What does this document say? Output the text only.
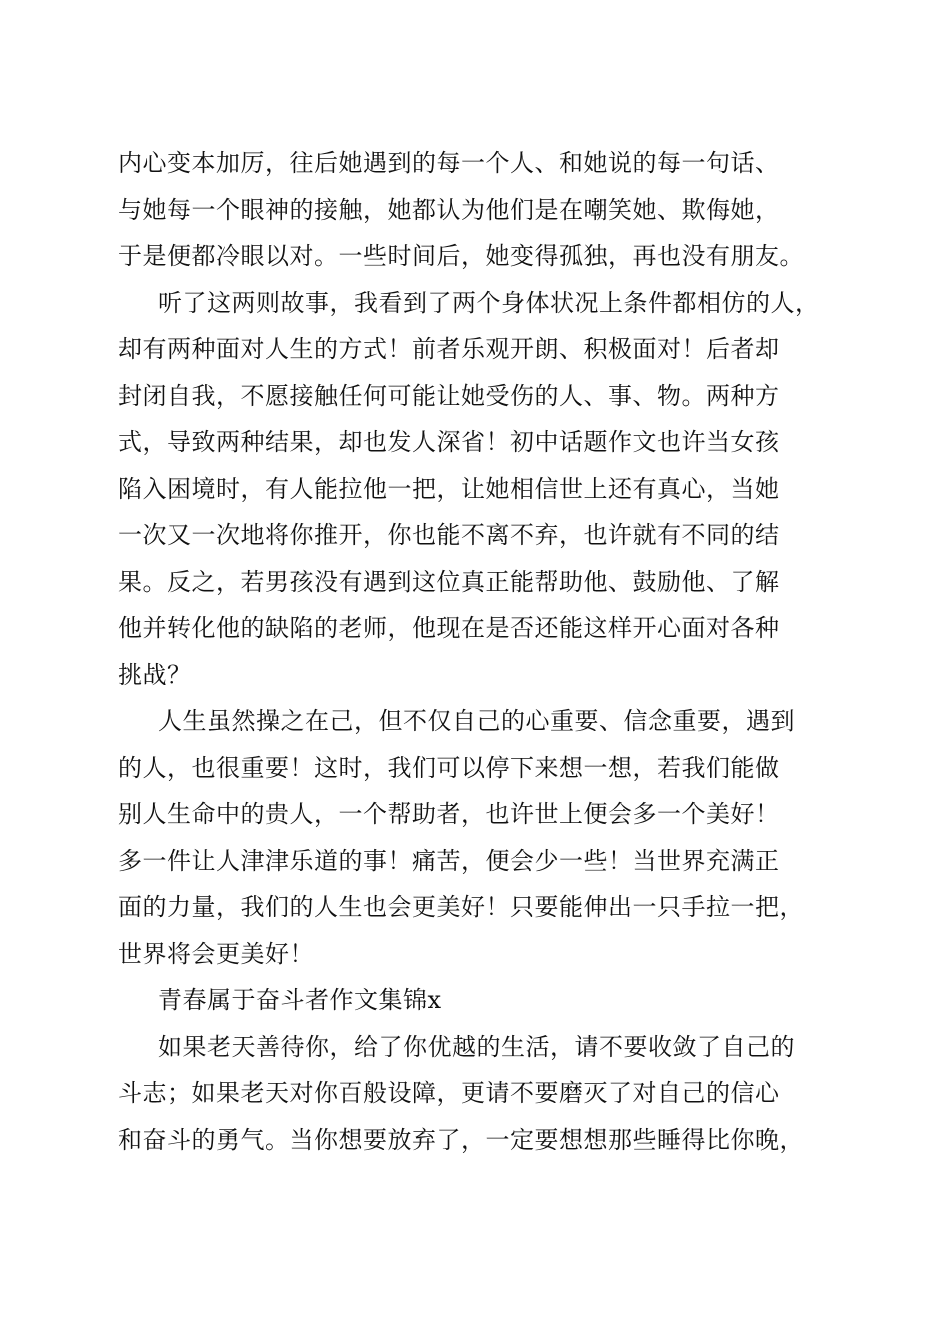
内心变本加厉，往后她遇到的每一个人、和她说的每一句话、
与她每一个眼神的接触，她都认为他们是在嘲笑她、欺侮她，
于是便都冷眼以对。一些时间后，她变得孤独，再也没有朋友。
听了这两则故事，我看到了两个身体状况上条件都相仿的人，
却有两种面对人生的方式！前者乐观开朗、积极面对！后者却
封闭自我，不愿接触任何可能让她受伤的人、事、物。两种方
式，导致两种结果，却也发人深省！初中话题作文也许当女孩
陷入困境时，有人能拉他一把，让她相信世上还有真心，当她
一次又一次地将你推开，你也能不离不弃，也许就有不同的结
果。反之，若男孩没有遇到这位真正能帮助他、鼓励他、了解
他并转化他的缺陷的老师，他现在是否还能这样开心面对各种
挑战？
人生虽然操之在己，但不仅自己的心重要、信念重要，遇到
的人，也很重要！这时，我们可以停下来想一想，若我们能做
别人生命中的贵人，一个帮助者，也许世上便会多一个美好！
多一件让人津津乐道的事！痛苦，便会少一些！当世界充满正
面的力量，我们的人生也会更美好！只要能伸出一只手拉一把，
世界将会更美好！
青春属于奋斗者作文集锦x
如果老天善待你，给了你优越的生活，请不要收敛了自己的
斗志；如果老天对你百般设障，更请不要磨灭了对自己的信心
和奋斗的勇气。当你想要放弃了，一定要想想那些睡得比你晚，
